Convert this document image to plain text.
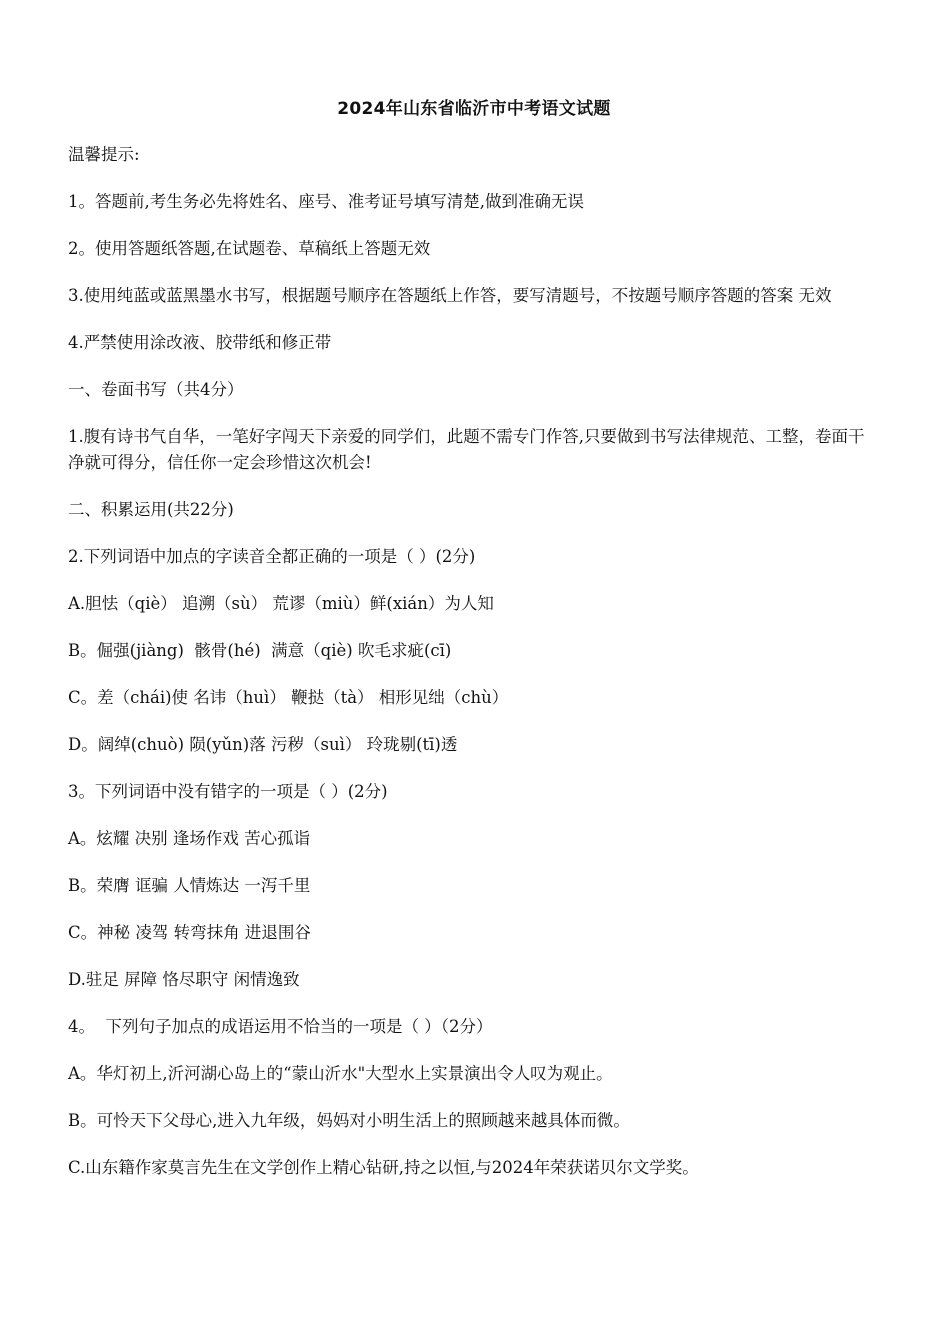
2024年山东省临沂市中考语文试题
温馨提示:
1。答题前,考生务必先将姓名、座号、准考证号填写清楚,做到准确无误
2。使用答题纸答题,在试题卷、草稿纸上答题无效
3.使用纯蓝或蓝黑墨水书写，根据题号顺序在答题纸上作答，要写清题号，不按题号顺序答题的答案 无效
4.严禁使用涂改液、胶带纸和修正带
一、卷面书写（共4分）
1.腹有诗书气自华，一笔好字闯天下亲爱的同学们，此题不需专门作答,只要做到书写法律规范、工整，卷面干净就可得分，信任你一定会珍惜这次机会!
二、积累运用(共22分)
2.下列词语中加点的字读音全都正确的一项是（ ）(2分)
A.胆怯（qiè） 追溯（sù） 荒谬（miù）鲜(xián）为人知
B。倔强(jiàng)  骸骨(hé)  满意（qiè) 吹毛求疵(cī)
C。差（chái)使 名讳（huì） 鞭挞（tà） 相形见绌（chù）
D。阔绰(chuò) 陨(yǔn)落 污秽（suì） 玲珑剔(tī)透
3。下列词语中没有错字的一项是（ ）(2分)
A。炫耀 决别 逢场作戏 苦心孤诣
B。荣膺 诓骗 人情炼达 一泻千里
C。神秘 凌驾 转弯抹角 进退围谷
D.驻足 屏障 恪尽职守 闲情逸致
4。  下列句子加点的成语运用不恰当的一项是（ ）（2分）
A。华灯初上,沂河湖心岛上的“蒙山沂水"大型水上实景演出令人叹为观止。
B。可怜天下父母心,进入九年级，妈妈对小明生活上的照顾越来越具体而微。
C.山东籍作家莫言先生在文学创作上精心钻研,持之以恒,与2024年荣获诺贝尔文学奖。
